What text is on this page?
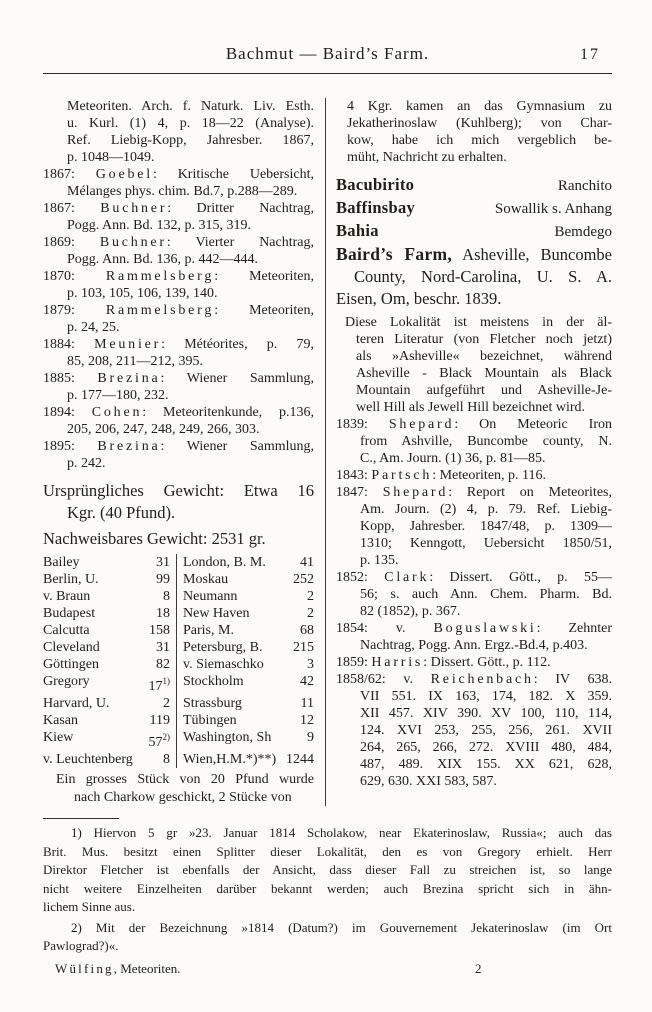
Bachmut — Baird’s Farm.	17
Meteoriten. Arch. f. Naturk. Liv. Esth.
u. Kurl. (1) 4, p. 18—22 (Analyse).
Ref. Liebig-Kopp, Jahresber. 1867,
p. 1048—1049.
1867: Goebel: Kritische Uebersicht,
Mélanges phys. chim. Bd.7, p.288—289.
1867: Buchner: Dritter Nachtrag,
Pogg. Ann. Bd. 132, p. 315, 319.
1869: Buchner: Vierter Nachtrag,
Pogg. Ann. Bd. 136, p. 442—444.
1870: Rammelsberg: Meteoriten,
p. 103, 105, 106, 139, 140.
1879: Rammelsberg: Meteoriten,
p. 24, 25.
1884: Meunier: Météorites, p. 79,
85, 208, 211—212, 395.
1885: Brezina: Wiener Sammlung,
p. 177—180, 232.
1894: Cohen: Meteoritenkunde, p.136,
205, 206, 247, 248, 249, 266, 303.
1895: Brezina: Wiener Sammlung,
p. 242.
Ursprüngliches Gewicht: Etwa 16
Kgr. (40 Pfund).
Nachweisbares Gewicht: 2531 gr.
Bailey	31 London, B. M. 41
Berlin, U.	99 Moskau	252
v. Braun	8 Neumann	2
Budapest	18 New Haven	2
Calcutta	158 Paris, M.	68
Cleveland	31 Petersburg, B. 215
Göttingen	82 v. Siemaschko	3
Gregory	17$^{1)}$ Stockholm	42
Harvard, U.	2 Strassburg	11
Kasan	119 Tübingen	12
Kiew	57$^{2)}$ Washington, Sh	9
v. Leuchtenberg 8 Wien,H.M.*)**) 1244
Ein grosses Stück von 20 Pfund wurde
nach Charkow geschickt, 2 Stücke von
4 Kgr. kamen an das Gymnasium zu
Jekatherinoslaw (Kuhlberg); von Char-
kow, habe ich mich vergeblich be-
müht, Nachricht zu erhalten.
Bacubirito	Ranchito
Baffinsbay	Sowallik s. Anhang
Bahia	Bemdego
Baird’s Farm, Asheville, Buncombe
County, Nord-Carolina, U. S. A.
Eisen, Om, beschr. 1839.
Diese Lokalität ist meistens in der äl-
teren Literatur (von Fletcher noch jetzt)
als »Asheville« bezeichnet, während
Asheville - Black Mountain als Black
Mountain aufgeführt und Asheville-Je-
well Hill als Jewell Hill bezeichnet wird.
1839: Shepard: On Meteoric Iron
from Ashville, Buncombe county, N.
C., Am. Journ. (1) 36, p. 81—85.
1843: Partsch: Meteoriten, p. 116.
1847: Shepard: Report on Meteorites,
Am. Journ. (2) 4, p. 79. Ref. Liebig-
Kopp, Jahresber. 1847/48, p. 1309—
1310; Kenngott, Uebersicht 1850/51,
p. 135.
1852: Clark: Dissert. Gött., p. 55—
56; s. auch Ann. Chem. Pharm. Bd.
82 (1852), p. 367.
1854: v. Boguslawski: Zehnter
Nachtrag, Pogg. Ann. Ergz.-Bd.4, p.403.
1859: Harris: Dissert. Gött., p. 112.
1858/62: v. Reichenbach: IV 638.
VII 551. IX 163, 174, 182. X 359.
XII 457. XIV 390. XV 100, 110, 114,
124. XVI 253, 255, 256, 261. XVII
264, 265, 266, 272. XVIII 480, 484,
487, 489. XIX 155. XX 621, 628,
629, 630. XXI 583, 587.
1) Hiervon 5 gr »23. Januar 1814 Scholakow, near Ekaterinoslaw, Russia«; auch das
Brit. Mus. besitzt einen Splitter dieser Lokalität, den es von Gregory erhielt. Herr
Direktor Fletcher ist ebenfalls der Ansicht, dass dieser Fall zu streichen ist, so lange
nicht weitere Einzelheiten darüber bekannt werden; auch Brezina spricht sich in ähn-
lichem Sinne aus.
2) Mit der Bezeichnung »1814 (Datum?) im Gouvernement Jekaterinoslaw (im Ort
Pawlograd?)«.
Wülfing, Meteoriten.	2
